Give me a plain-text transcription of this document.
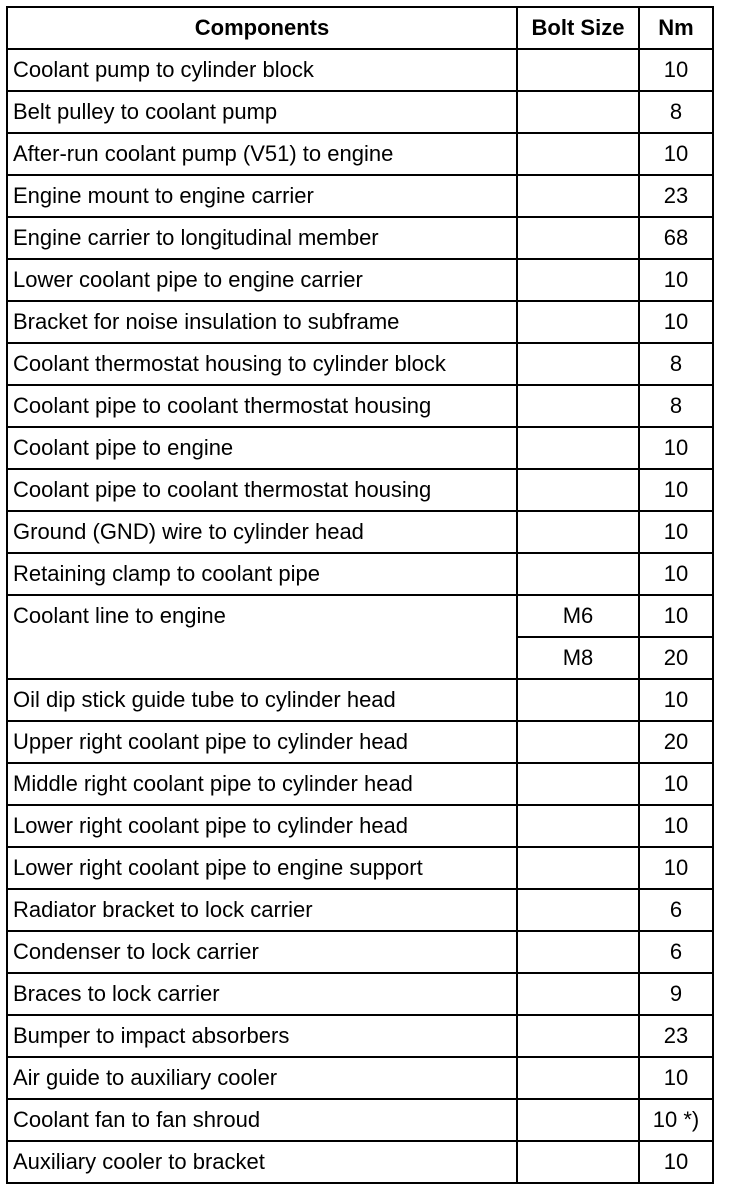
Components	Bolt Size	Nm
Coolant pump to cylinder block		10
Belt pulley to coolant pump		8
After-run coolant pump (V51) to engine		10
Engine mount to engine carrier		23
Engine carrier to longitudinal member		68
Lower coolant pipe to engine carrier		10
Bracket for noise insulation to subframe		10
Coolant thermostat housing to cylinder block		8
Coolant pipe to coolant thermostat housing		8
Coolant pipe to engine		10
Coolant pipe to coolant thermostat housing		10
Ground (GND) wire to cylinder head		10
Retaining clamp to coolant pipe		10
Coolant line to engine	M6	10
	M8	20
Oil dip stick guide tube to cylinder head		10
Upper right coolant pipe to cylinder head		20
Middle right coolant pipe to cylinder head		10
Lower right coolant pipe to cylinder head		10
Lower right coolant pipe to engine support		10
Radiator bracket to lock carrier		6
Condenser to lock carrier		6
Braces to lock carrier		9
Bumper to impact absorbers		23
Air guide to auxiliary cooler		10
Coolant fan to fan shroud		10 *)
Auxiliary cooler to bracket		10
